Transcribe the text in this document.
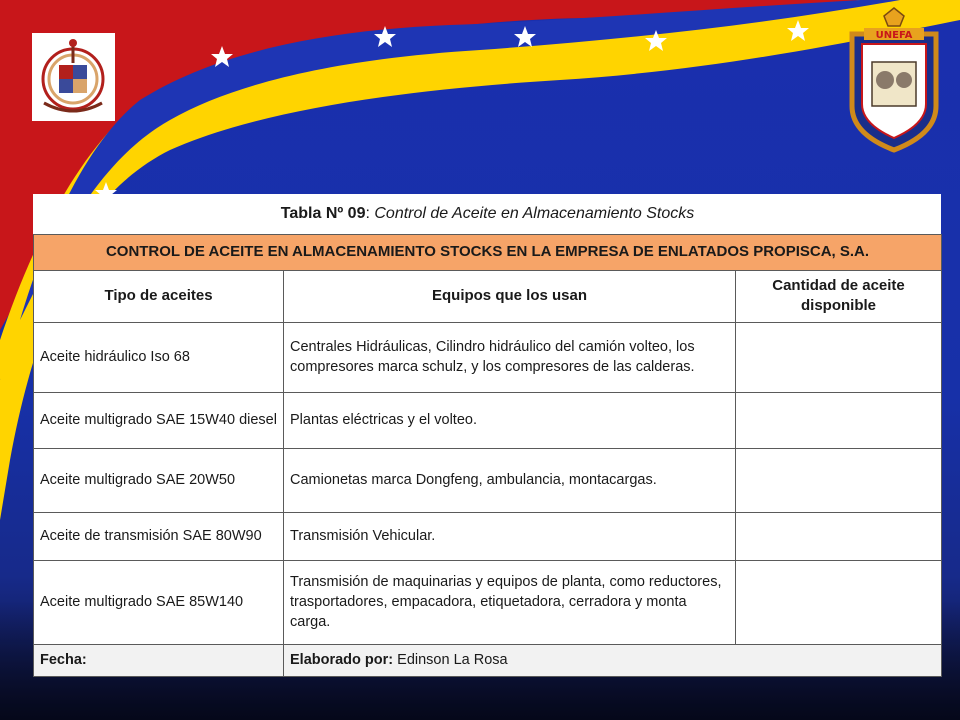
UNEFA
Tabla Nº 09: Control de Aceite en Almacenamiento Stocks		
CONTROL DE ACEITE EN ALMACENAMIENTO STOCKS EN LA EMPRESA DE ENLATADOS PROPISCA, S.A.		
Tipo de aceites	Equipos que los usan	Cantidad de aceite disponible
Aceite hidráulico Iso 68	Centrales Hidráulicas, Cilindro hidráulico del camión volteo, los compresores marca schulz, y los compresores de las calderas.	
Aceite multigrado SAE 15W40 diesel	Plantas eléctricas y el volteo.	
Aceite multigrado SAE 20W50	Camionetas marca Dongfeng, ambulancia, montacargas.	
Aceite de transmisión SAE 80W90	Transmisión Vehicular.	
Aceite multigrado SAE 85W140	Transmisión de maquinarias y equipos de planta, como reductores, trasportadores, empacadora, etiquetadora, cerradora y monta carga.	
Fecha:	Elaborado por: Edinson La Rosa	
